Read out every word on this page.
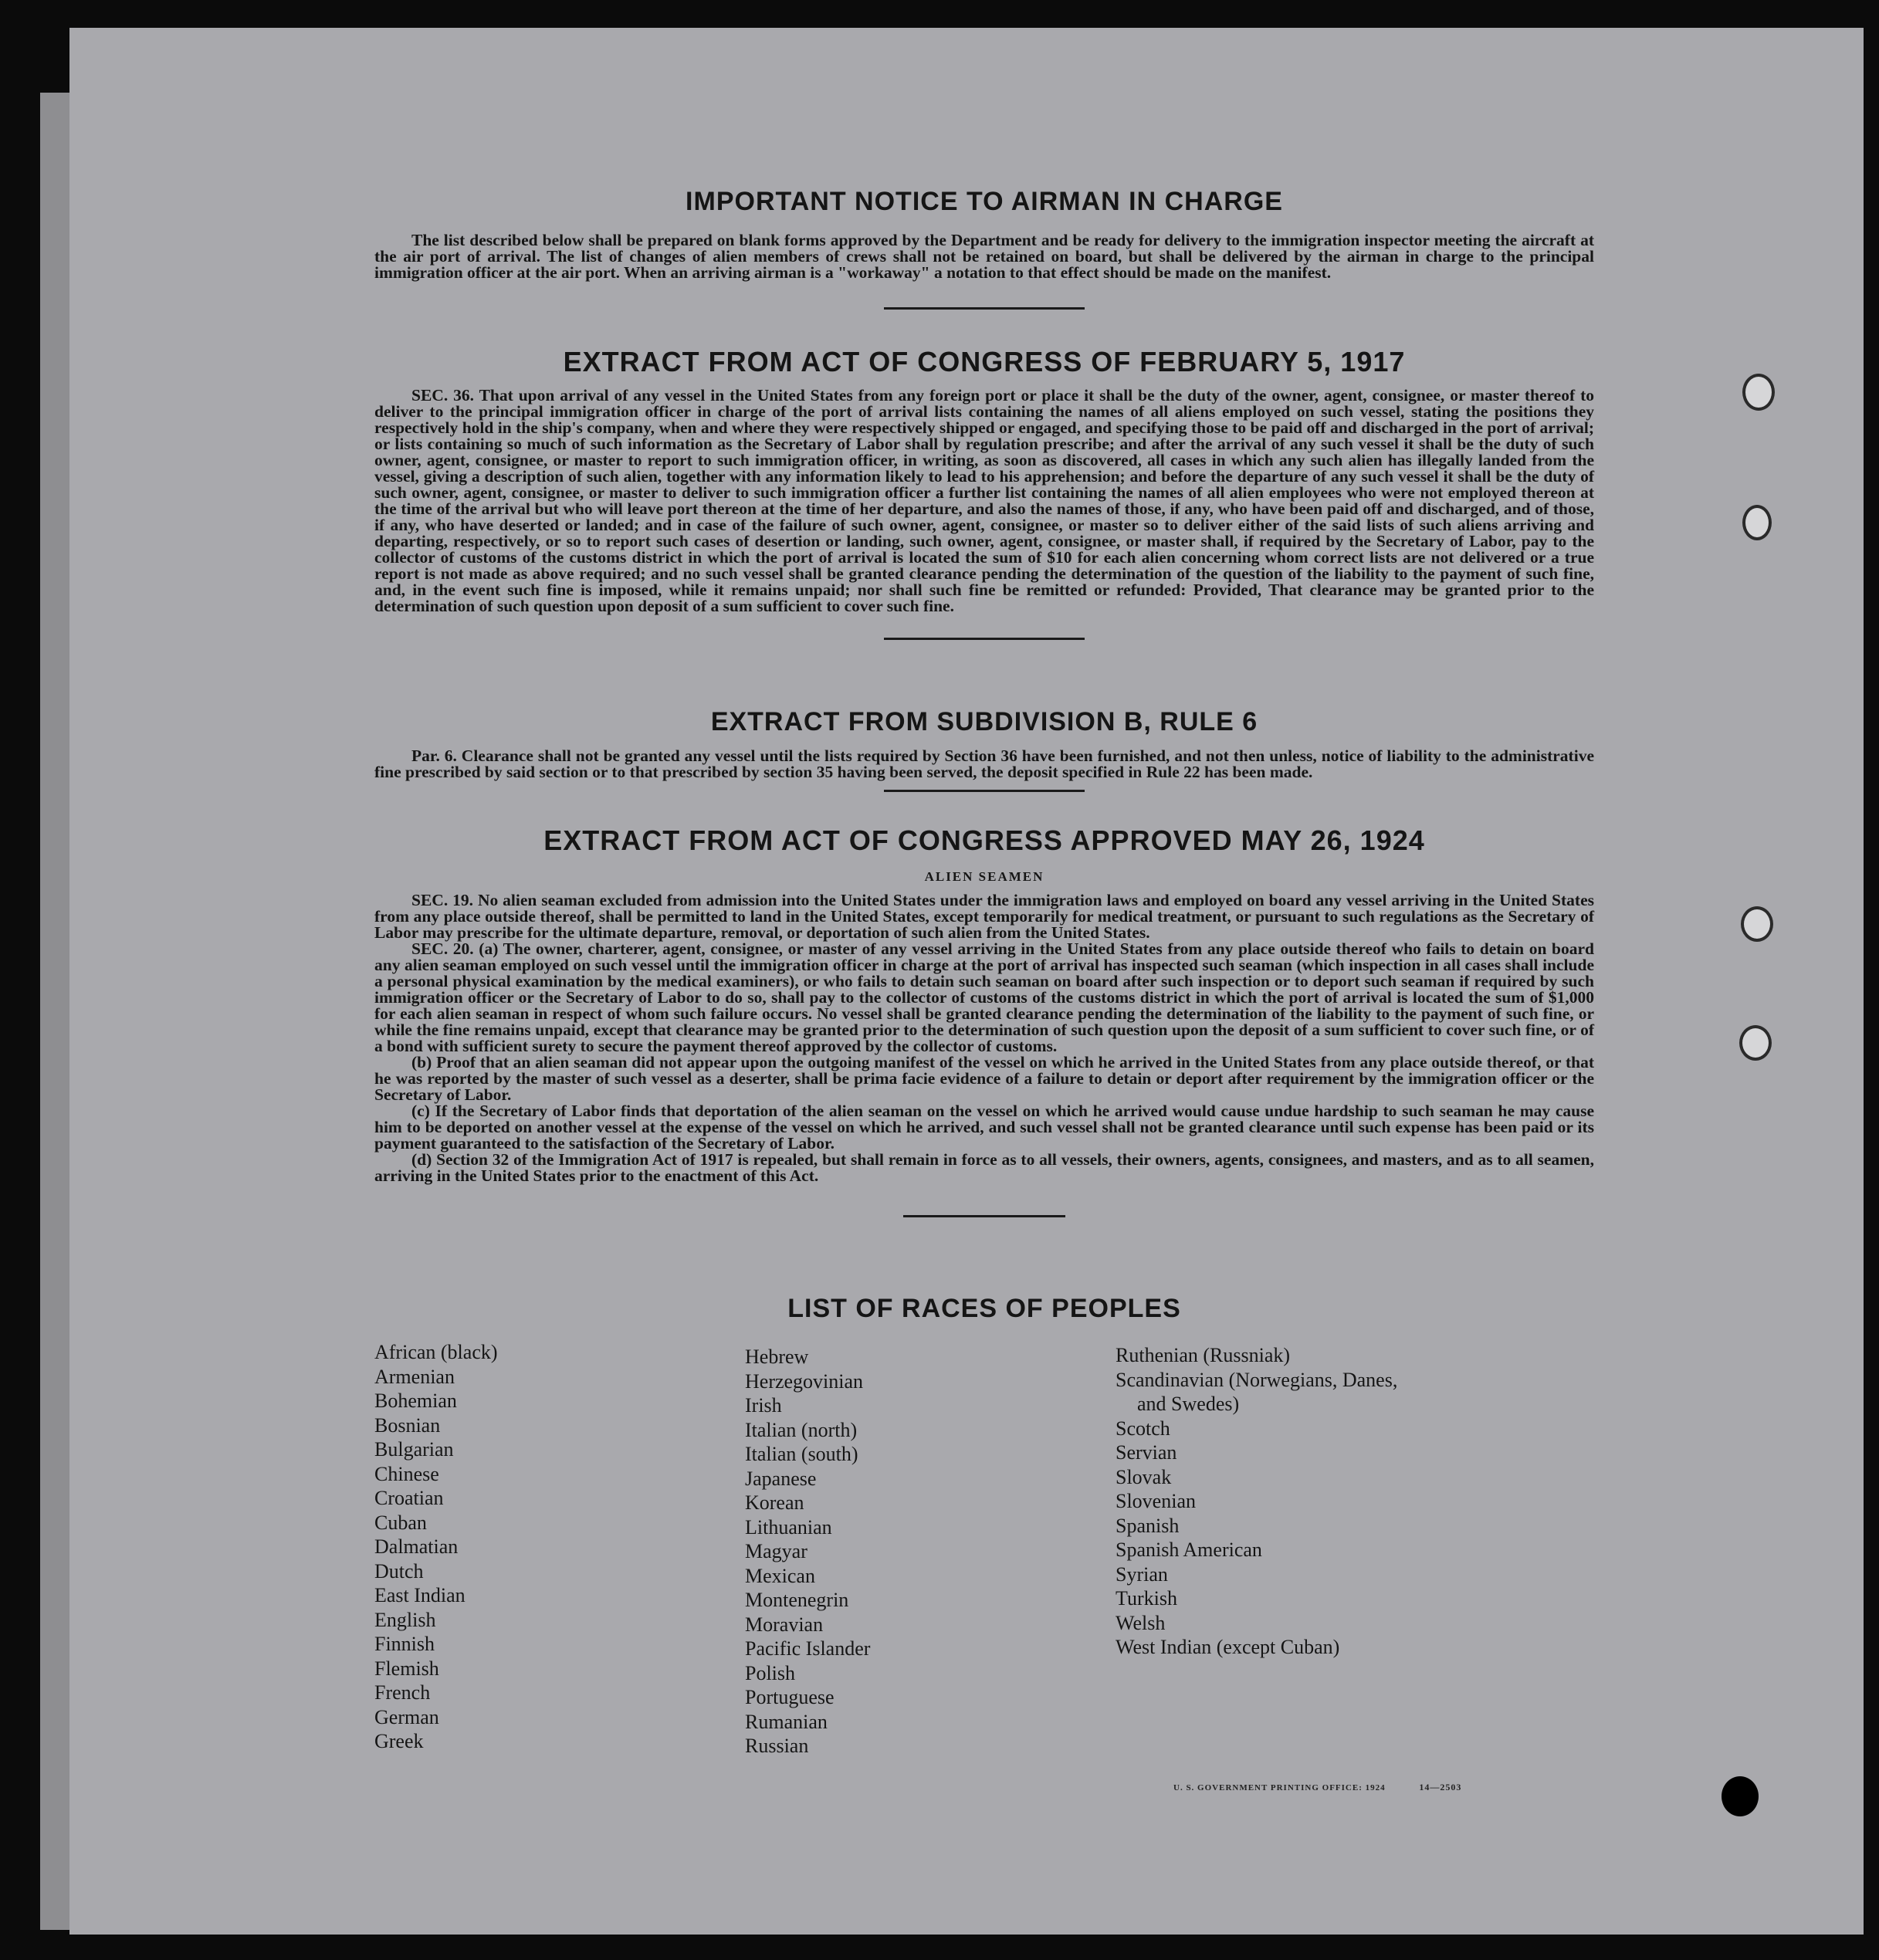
IMPORTANT NOTICE TO AIRMAN IN CHARGE

The list described below shall be prepared on blank forms approved by the Department and be ready for delivery to the immigration inspector meeting the aircraft at the air port of arrival. The list of changes of alien members of crews shall not be retained on board, but shall be delivered by the airman in charge to the principal immigration officer at the air port. When an arriving airman is a "workaway" a notation to that effect should be made on the manifest.

EXTRACT FROM ACT OF CONGRESS OF FEBRUARY 5, 1917

SEC. 36. That upon arrival of any vessel in the United States from any foreign port or place it shall be the duty of the owner, agent, consignee, or master thereof to deliver to the principal immigration officer in charge of the port of arrival lists containing the names of all aliens employed on such vessel, stating the positions they respectively hold in the ship's company, when and where they were respectively shipped or engaged, and specifying those to be paid off and discharged in the port of arrival; or lists containing so much of such information as the Secretary of Labor shall by regulation prescribe; and after the arrival of any such vessel it shall be the duty of such owner, agent, consignee, or master to report to such immigration officer, in writing, as soon as discovered, all cases in which any such alien has illegally landed from the vessel, giving a description of such alien, together with any information likely to lead to his apprehension; and before the departure of any such vessel it shall be the duty of such owner, agent, consignee, or master to deliver to such immigration officer a further list containing the names of all alien employees who were not employed thereon at the time of the arrival but who will leave port thereon at the time of her departure, and also the names of those, if any, who have been paid off and discharged, and of those, if any, who have deserted or landed; and in case of the failure of such owner, agent, consignee, or master so to deliver either of the said lists of such aliens arriving and departing, respectively, or so to report such cases of desertion or landing, such owner, agent, consignee, or master shall, if required by the Secretary of Labor, pay to the collector of customs of the customs district in which the port of arrival is located the sum of $10 for each alien concerning whom correct lists are not delivered or a true report is not made as above required; and no such vessel shall be granted clearance pending the determination of the question of the liability to the payment of such fine, and, in the event such fine is imposed, while it remains unpaid; nor shall such fine be remitted or refunded: Provided, That clearance may be granted prior to the determination of such question upon deposit of a sum sufficient to cover such fine.

EXTRACT FROM SUBDIVISION B, RULE 6

Par. 6. Clearance shall not be granted any vessel until the lists required by Section 36 have been furnished, and not then unless, notice of liability to the administrative fine prescribed by said section or to that prescribed by section 35 having been served, the deposit specified in Rule 22 has been made.

EXTRACT FROM ACT OF CONGRESS APPROVED MAY 26, 1924
ALIEN SEAMEN

SEC. 19. No alien seaman excluded from admission into the United States under the immigration laws and employed on board any vessel arriving in the United States from any place outside thereof, shall be permitted to land in the United States, except temporarily for medical treatment, or pursuant to such regulations as the Secretary of Labor may prescribe for the ultimate departure, removal, or deportation of such alien from the United States.

SEC. 20. (a) The owner, charterer, agent, consignee, or master of any vessel arriving in the United States from any place outside thereof who fails to detain on board any alien seaman employed on such vessel until the immigration officer in charge at the port of arrival has inspected such seaman (which inspection in all cases shall include a personal physical examination by the medical examiners), or who fails to detain such seaman on board after such inspection or to deport such seaman if required by such immigration officer or the Secretary of Labor to do so, shall pay to the collector of customs of the customs district in which the port of arrival is located the sum of $1,000 for each alien seaman in respect of whom such failure occurs. No vessel shall be granted clearance pending the determination of the liability to the payment of such fine, or while the fine remains unpaid, except that clearance may be granted prior to the determination of such question upon the deposit of a sum sufficient to cover such fine, or of a bond with sufficient surety to secure the payment thereof approved by the collector of customs.

(b) Proof that an alien seaman did not appear upon the outgoing manifest of the vessel on which he arrived in the United States from any place outside thereof, or that he was reported by the master of such vessel as a deserter, shall be prima facie evidence of a failure to detain or deport after requirement by the immigration officer or the Secretary of Labor.

(c) If the Secretary of Labor finds that deportation of the alien seaman on the vessel on which he arrived would cause undue hardship to such seaman he may cause him to be deported on another vessel at the expense of the vessel on which he arrived, and such vessel shall not be granted clearance until such expense has been paid or its payment guaranteed to the satisfaction of the Secretary of Labor.

(d) Section 32 of the Immigration Act of 1917 is repealed, but shall remain in force as to all vessels, their owners, agents, consignees, and masters, and as to all seamen, arriving in the United States prior to the enactment of this Act.

LIST OF RACES OF PEOPLES
African (black)
Armenian
Bohemian
Bosnian
Bulgarian
Chinese
Croatian
Cuban
Dalmatian
Dutch
East Indian
English
Finnish
Flemish
French
German
Greek
Hebrew
Herzegovinian
Irish
Italian (north)
Italian (south)
Japanese
Korean
Lithuanian
Magyar
Mexican
Montenegrin
Moravian
Pacific Islander
Polish
Portuguese
Rumanian
Russian
Ruthenian (Russniak)
Scandinavian (Norwegians, Danes,
and Swedes)
Scotch
Servian
Slovak
Slovenian
Spanish
Spanish American
Syrian
Turkish
Welsh
West Indian (except Cuban)
U. S. GOVERNMENT PRINTING OFFICE: 1924	14—2503
